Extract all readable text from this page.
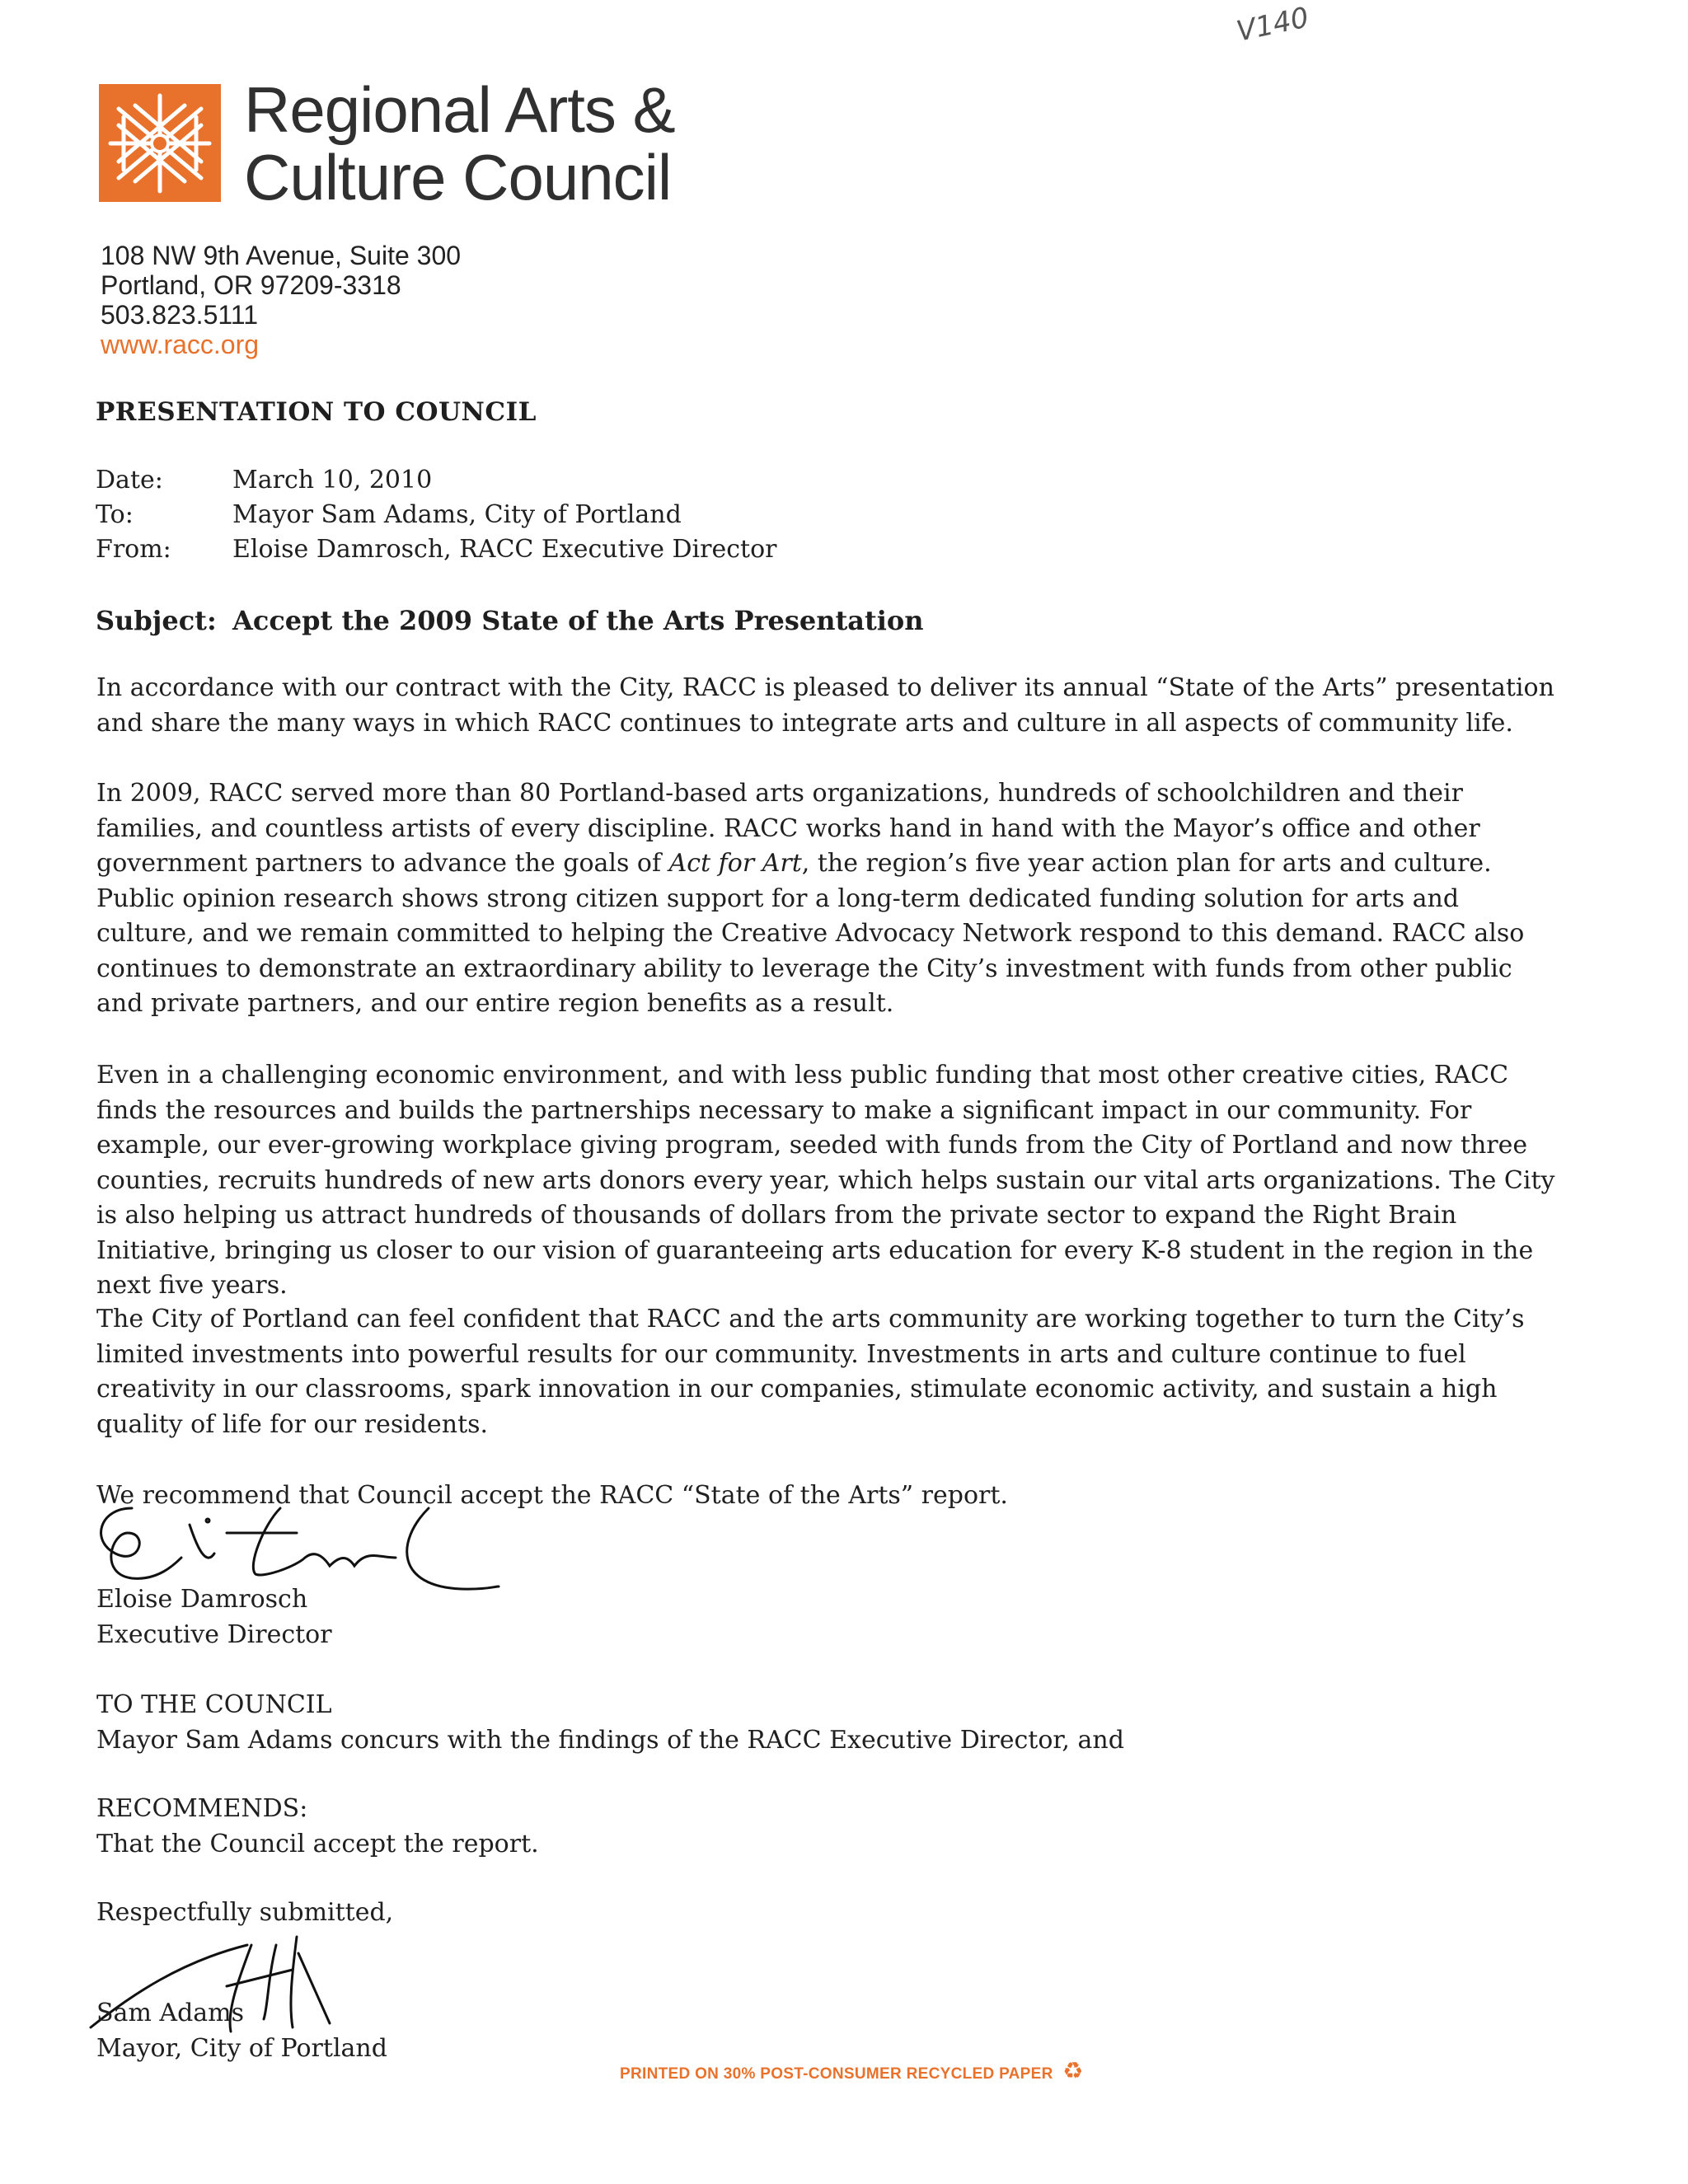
V140
Regional Arts &
Culture Council
108 NW 9th Avenue, Suite 300
Portland, OR 97209-3318
503.823.5111
www.racc.org
PRESENTATION TO COUNCIL
Date:	March 10, 2010
To:	Mayor Sam Adams, City of Portland
From: Eloise Damrosch, RACC Executive Director
Subject: Accept the 2009 State of the Arts Presentation

In accordance with our contract with the City, RACC is pleased to deliver its annual “State of the Arts” presentation and share the many ways in which RACC continues to integrate arts and culture in all aspects of community life.

In 2009, RACC served more than 80 Portland-based arts organizations, hundreds of schoolchildren and their families, and countless artists of every discipline. RACC works hand in hand with the Mayor’s office and other government partners to advance the goals of Act for Art, the region’s five year action plan for arts and culture. Public opinion research shows strong citizen support for a long-term dedicated funding solution for arts and culture, and we remain committed to helping the Creative Advocacy Network respond to this demand. RACC also continues to demonstrate an extraordinary ability to leverage the City’s investment with funds from other public and private partners, and our entire region benefits as a result.

Even in a challenging economic environment, and with less public funding that most other creative cities, RACC finds the resources and builds the partnerships necessary to make a significant impact in our community. For example, our ever-growing workplace giving program, seeded with funds from the City of Portland and now three counties, recruits hundreds of new arts donors every year, which helps sustain our vital arts organizations. The City is also helping us attract hundreds of thousands of dollars from the private sector to expand the Right Brain Initiative, bringing us closer to our vision of guaranteeing arts education for every K-8 student in the region in the next five years.

The City of Portland can feel confident that RACC and the arts community are working together to turn the City’s limited investments into powerful results for our community. Investments in arts and culture continue to fuel creativity in our classrooms, spark innovation in our companies, stimulate economic activity, and sustain a high quality of life for our residents.

We recommend that Council accept the RACC “State of the Arts” report.

Eloise Damrosch
Executive Director
TO THE COUNCIL
Mayor Sam Adams concurs with the findings of the RACC Executive Director, and
RECOMMENDS:
That the Council accept the report.
Respectfully submitted,
Sam Adams
Mayor, City of Portland
PRINTED ON 30% POST-CONSUMER RECYCLED PAPER ♻
